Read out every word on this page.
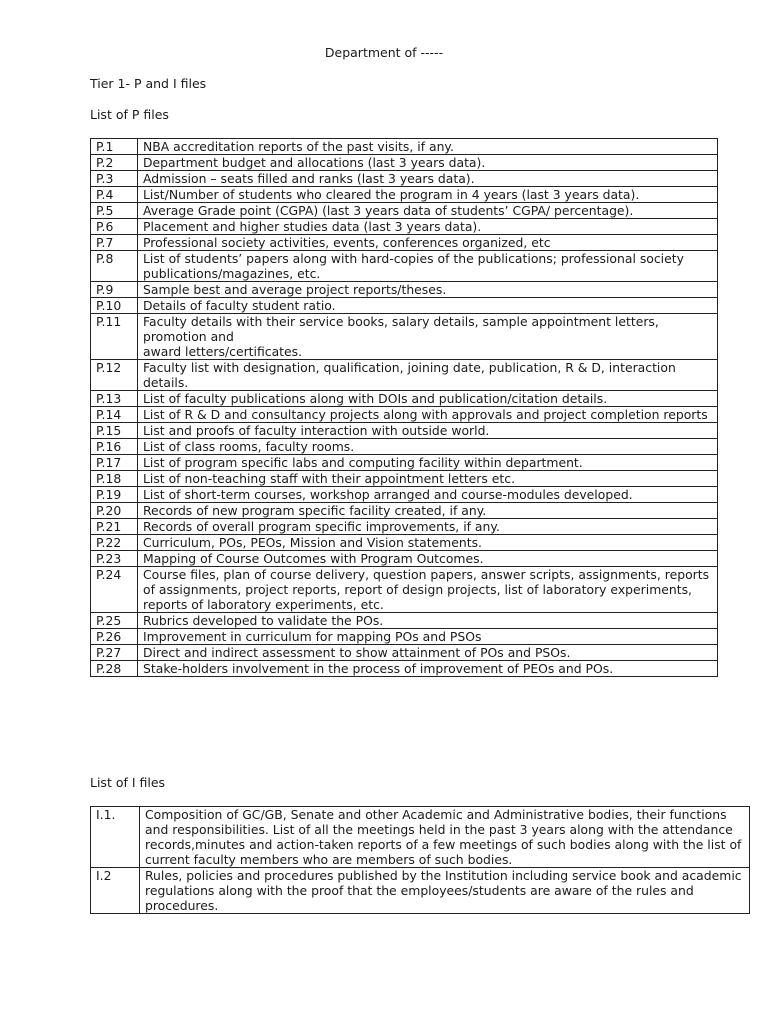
Department of -----
Tier 1- P and I files
List of P files
P.1	NBA accreditation reports of the past visits, if any.
P.2	Department budget and allocations (last 3 years data).
P.3	Admission – seats filled and ranks (last 3 years data).
P.4	List/Number of students who cleared the program in 4 years (last 3 years data).
P.5	Average Grade point (CGPA) (last 3 years data of students’ CGPA/ percentage).
P.6	Placement and higher studies data (last 3 years data).
P.7	Professional society activities, events, conferences organized, etc
P.8	List of students’ papers along with hard-copies of the publications; professional society publications/magazines, etc.
P.9	Sample best and average project reports/theses.
P.10	Details of faculty student ratio.
P.11	Faculty details with their service books, salary details, sample appointment letters, promotion and
award letters/certificates.
P.12	Faculty list with designation, qualification, joining date, publication, R & D, interaction details.
P.13	List of faculty publications along with DOIs and publication/citation details.
P.14	List of R & D and consultancy projects along with approvals and project completion reports
P.15	List and proofs of faculty interaction with outside world.
P.16	List of class rooms, faculty rooms.
P.17	List of program specific labs and computing facility within department.
P.18	List of non-teaching staff with their appointment letters etc.
P.19	List of short-term courses, workshop arranged and course-modules developed.
P.20	Records of new program specific facility created, if any.
P.21	Records of overall program specific improvements, if any.
P.22	Curriculum, POs, PEOs, Mission and Vision statements.
P.23	Mapping of Course Outcomes with Program Outcomes.
P.24	Course files, plan of course delivery, question papers, answer scripts, assignments, reports of assignments, project reports, report of design projects, list of laboratory experiments, reports of laboratory experiments, etc.
P.25	Rubrics developed to validate the POs.
P.26	Improvement in curriculum for mapping POs and PSOs
P.27	Direct and indirect assessment to show attainment of POs and PSOs.
P.28	Stake-holders involvement in the process of improvement of PEOs and POs.
List of I files
I.1.	Composition of GC/GB, Senate and other Academic and Administrative bodies, their functions and responsibilities. List of all the meetings held in the past 3 years along with the attendance records,minutes and action-taken reports of a few meetings of such bodies along with the list of current faculty members who are members of such bodies.
I.2	Rules, policies and procedures published by the Institution including service book and academic regulations along with the proof that the employees/students are aware of the rules and procedures.
